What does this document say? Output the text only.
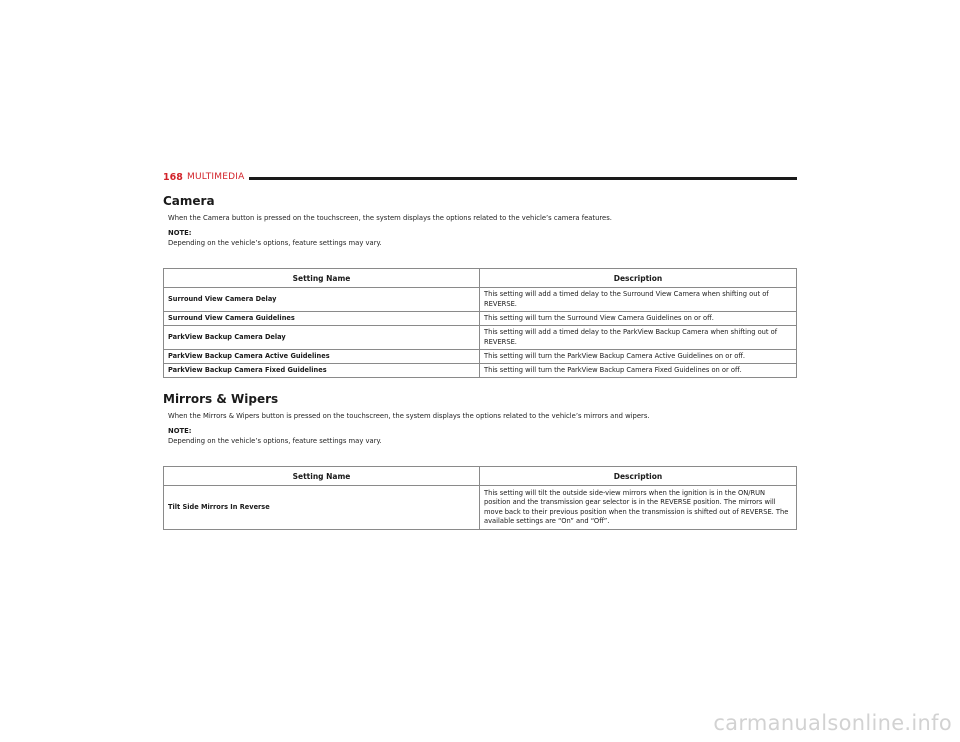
168 MULTIMEDIA
Camera
When the Camera button is pressed on the touchscreen, the system displays the options related to the vehicle’s camera features.
NOTE:
Depending on the vehicle’s options, feature settings may vary.
Setting Name	Description
Surround View Camera Delay	This setting will add a timed delay to the Surround View Camera when shifting out of REVERSE.
Surround View Camera Guidelines	This setting will turn the Surround View Camera Guidelines on or off.
ParkView Backup Camera Delay	This setting will add a timed delay to the ParkView Backup Camera when shifting out of REVERSE.
ParkView Backup Camera Active Guidelines	This setting will turn the ParkView Backup Camera Active Guidelines on or off.
ParkView Backup Camera Fixed Guidelines	This setting will turn the ParkView Backup Camera Fixed Guidelines on or off.
Mirrors & Wipers
When the Mirrors & Wipers button is pressed on the touchscreen, the system displays the options related to the vehicle’s mirrors and wipers.
NOTE:
Depending on the vehicle’s options, feature settings may vary.
Setting Name	Description
Tilt Side Mirrors In Reverse	This setting will tilt the outside side-view mirrors when the ignition is in the ON/RUN position and the transmission gear selector is in the REVERSE position. The mirrors will move back to their previous position when the transmission is shifted out of REVERSE. The available settings are “On” and “Off”.
carmanualsonline.info
